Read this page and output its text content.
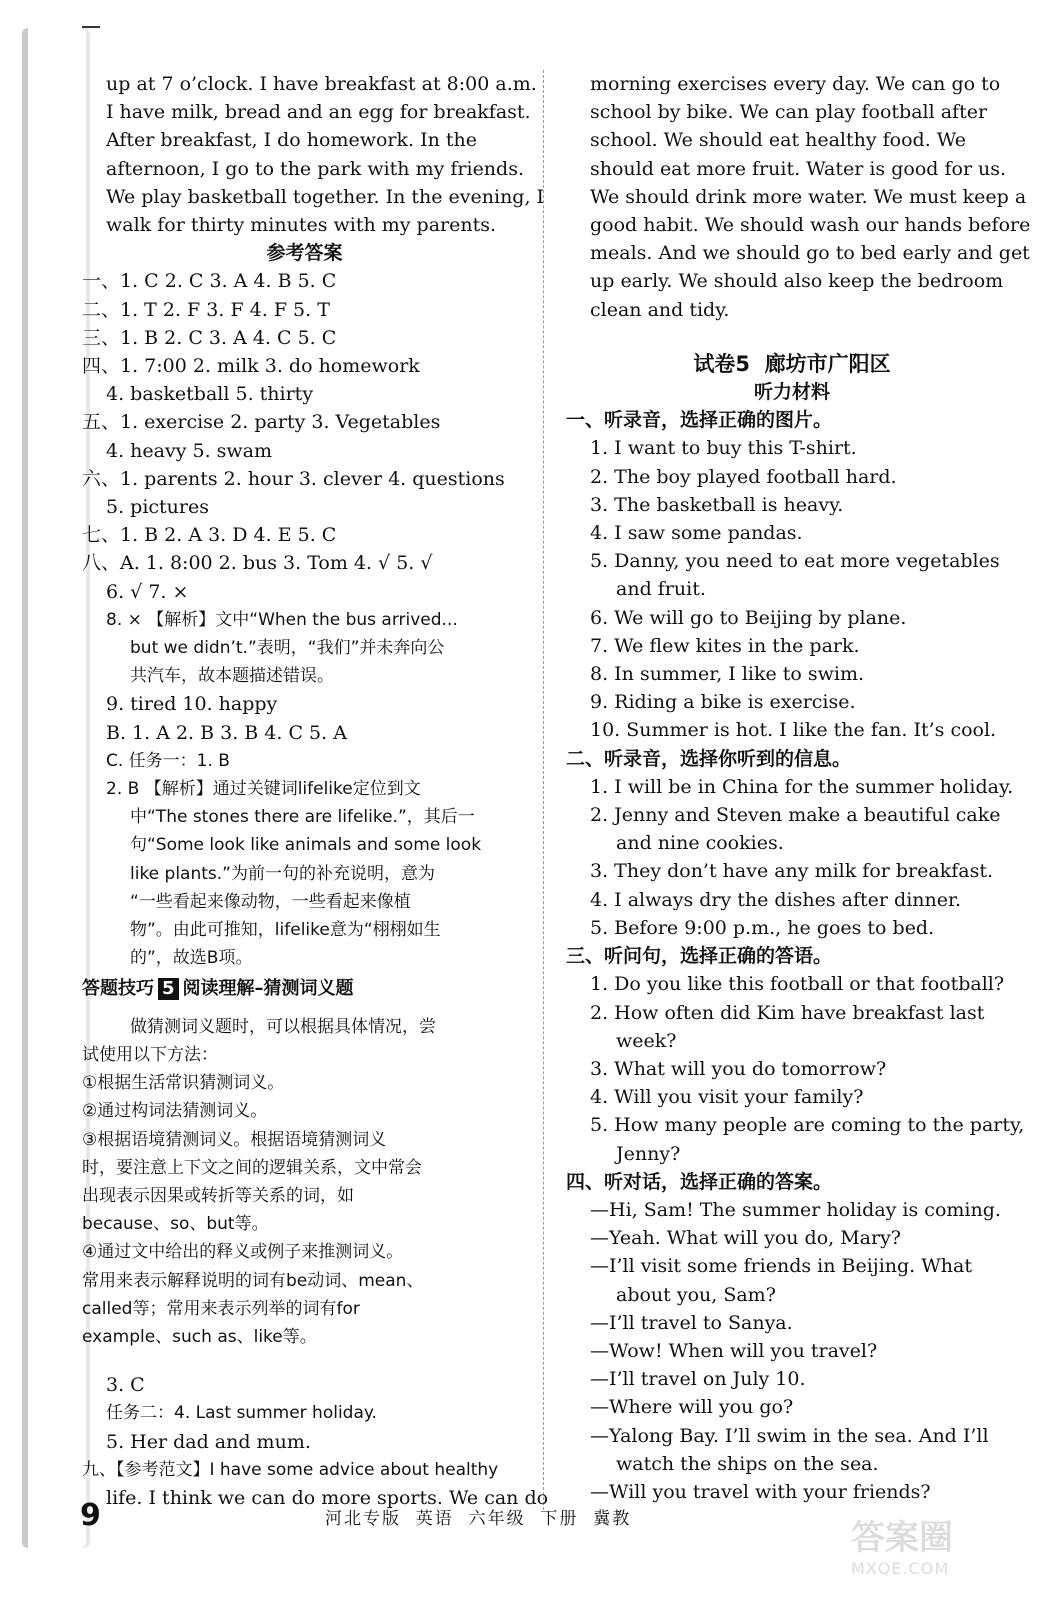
up at 7 o’clock. I have breakfast at 8:00 a.m.
I have milk, bread and an egg for breakfast.
After breakfast, I do homework. In the
afternoon, I go to the park with my friends.
We play basketball together. In the evening, I
walk for thirty minutes with my parents.
参考答案
一、1. C 2. C 3. A 4. B 5. C
二、1. T 2. F 3. F 4. F 5. T
三、1. B 2. C 3. A 4. C 5. C
四、1. 7:00 2. milk 3. do homework
4. basketball 5. thirty
五、1. exercise 2. party 3. Vegetables
4. heavy 5. swam
六、1. parents 2. hour 3. clever 4. questions
5. pictures
七、1. B 2. A 3. D 4. E 5. C
八、A. 1. 8:00 2. bus 3. Tom 4. √ 5. √
6. √ 7. ×
8. × 【解析】文中“When the bus arrived...
but we didn’t.”表明，“我们”并未奔向公
共汽车，故本题描述错误。
9. tired 10. happy
B. 1. A 2. B 3. B 4. C 5. A
C. 任务一：1. B
2. B 【解析】通过关键词lifelike定位到文
中“The stones there are lifelike.”，其后一
句“Some look like animals and some look
like plants.”为前一句的补充说明，意为
“一些看起来像动物，一些看起来像植
物”。由此可推知，lifelike意为“栩栩如生
的”，故选B项。
答题技巧 5 阅读理解–猜测词义题
做猜测词义题时，可以根据具体情况，尝
试使用以下方法：
①根据生活常识猜测词义。
②通过构词法猜测词义。
③根据语境猜测词义。根据语境猜测词义
时，要注意上下文之间的逻辑关系，文中常会
出现表示因果或转折等关系的词，如
because、so、but等。
④通过文中给出的释义或例子来推测词义。
常用来表示解释说明的词有be动词、mean、
called等；常用来表示列举的词有for
example、such as、like等。
3. C
任务二：4. Last summer holiday.
5. Her dad and mum.
九、【参考范文】I have some advice about healthy
life. I think we can do more sports. We can do
morning exercises every day. We can go to
school by bike. We can play football after
school. We should eat healthy food. We
should eat more fruit. Water is good for us.
We should drink more water. We must keep a
good habit. We should wash our hands before
meals. And we should go to bed early and get
up early. We should also keep the bedroom
clean and tidy.
试卷5  廊坊市广阳区
听力材料
一、听录音，选择正确的图片。
1. I want to buy this T-shirt.
2. The boy played football hard.
3. The basketball is heavy.
4. I saw some pandas.
5. Danny, you need to eat more vegetables
and fruit.
6. We will go to Beijing by plane.
7. We flew kites in the park.
8. In summer, I like to swim.
9. Riding a bike is exercise.
10. Summer is hot. I like the fan. It’s cool.
二、听录音，选择你听到的信息。
1. I will be in China for the summer holiday.
2. Jenny and Steven make a beautiful cake
and nine cookies.
3. They don’t have any milk for breakfast.
4. I always dry the dishes after dinner.
5. Before 9:00 p.m., he goes to bed.
三、听问句，选择正确的答语。
1. Do you like this football or that football?
2. How often did Kim have breakfast last
week?
3. What will you do tomorrow?
4. Will you visit your family?
5. How many people are coming to the party,
Jenny?
四、听对话，选择正确的答案。
—Hi, Sam! The summer holiday is coming.
—Yeah. What will you do, Mary?
—I’ll visit some friends in Beijing. What
about you, Sam?
—I’ll travel to Sanya.
—Wow! When will you travel?
—I’ll travel on July 10.
—Where will you go?
—Yalong Bay. I’ll swim in the sea. And I’ll
watch the ships on the sea.
—Will you travel with your friends?
9	河北专版  英语  六年级  下册  冀教	答案圈
MXQE.COM
